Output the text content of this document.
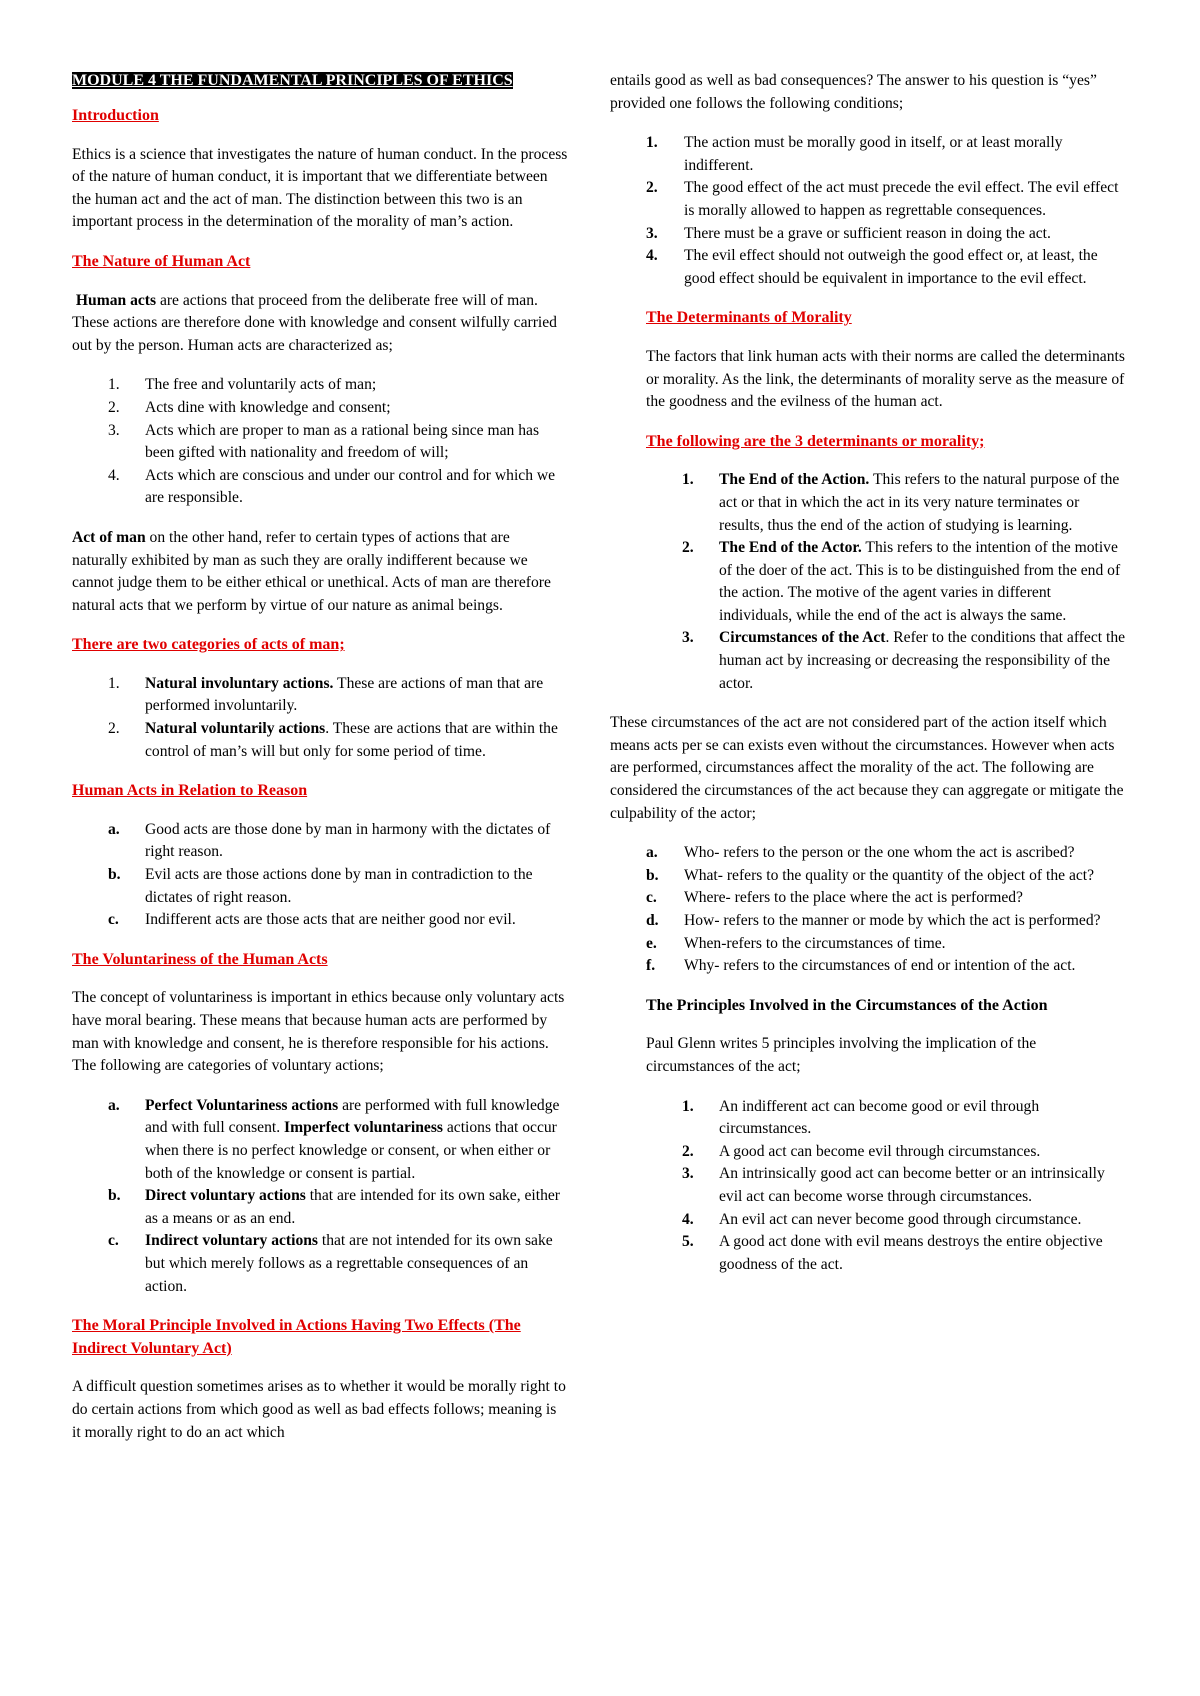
MODULE 4 THE FUNDAMENTAL PRINCIPLES OF ETHICS
Introduction

Ethics is a science that investigates the nature of human conduct. In the process of the nature of human conduct, it is important that we differentiate between the human act and the act of man. The distinction between this two is an important process in the determination of the morality of man’s action.

The Nature of Human Act

Human acts are actions that proceed from the deliberate free will of man. These actions are therefore done with knowledge and consent wilfully carried out by the person. Human acts are characterized as;

1.	The free and voluntarily acts of man;
2.	Acts dine with knowledge and consent;
3.	Acts which are proper to man as a rational being since man has been gifted with nationality and freedom of will;
4.	Acts which are conscious and under our control and for which we are responsible.

Act of man on the other hand, refer to certain types of actions that are naturally exhibited by man as such they are orally indifferent because we cannot judge them to be either ethical or unethical. Acts of man are therefore natural acts that we perform by virtue of our nature as animal beings.

There are two categories of acts of man;
1.	Natural involuntary actions. These are actions of man that are performed involuntarily.
2.	Natural voluntarily actions. These are actions that are within the control of man’s will but only for some period of time.
Human Acts in Relation to Reason
a.	Good acts are those done by man in harmony with the dictates of right reason.
b.	Evil acts are those actions done by man in contradiction to the dictates of right reason.
c.	Indifferent acts are those acts that are neither good nor evil.
The Voluntariness of the Human Acts

The concept of voluntariness is important in ethics because only voluntary acts have moral bearing. These means that because human acts are performed by man with knowledge and consent, he is therefore responsible for his actions. The following are categories of voluntary actions;

a.	Perfect Voluntariness actions are performed with full knowledge and with full consent. Imperfect voluntariness actions that occur when there is no perfect knowledge or consent, or when either or both of the knowledge or consent is partial.
b.	Direct voluntary actions that are intended for its own sake, either as a means or as an end.
c.	Indirect voluntary actions that are not intended for its own sake but which merely follows as a regrettable consequences of an action.
The Moral Principle Involved in Actions Having Two Effects (The Indirect Voluntary Act)

A difficult question sometimes arises as to whether it would be morally right to do certain actions from which good as well as bad effects follows; meaning is it morally right to do an act which

entails good as well as bad consequences? The answer to his question is “yes” provided one follows the following conditions;

1.	The action must be morally good in itself, or at least morally indifferent.
2.	The good effect of the act must precede the evil effect. The evil effect is morally allowed to happen as regrettable consequences.
3.	There must be a grave or sufficient reason in doing the act.
4.	The evil effect should not outweigh the good effect or, at least, the good effect should be equivalent in importance to the evil effect.
The Determinants of Morality

The factors that link human acts with their norms are called the determinants or morality. As the link, the determinants of morality serve as the measure of the goodness and the evilness of the human act.

The following are the 3 determinants or morality;
1.	The End of the Action. This refers to the natural purpose of the act or that in which the act in its very nature terminates or results, thus the end of the action of studying is learning.
2.	The End of the Actor. This refers to the intention of the motive of the doer of the act. This is to be distinguished from the end of the action. The motive of the agent varies in different individuals, while the end of the act is always the same.
3.	Circumstances of the Act. Refer to the conditions that affect the human act by increasing or decreasing the responsibility of the actor.

These circumstances of the act are not considered part of the action itself which means acts per se can exists even without the circumstances. However when acts are performed, circumstances affect the morality of the act. The following are considered the circumstances of the act because they can aggregate or mitigate the culpability of the actor;

a.	Who- refers to the person or the one whom the act is ascribed?
b.	What- refers to the quality or the quantity of the object of the act?
c.	Where- refers to the place where the act is performed?
d.	How- refers to the manner or mode by which the act is performed?
e.	When-refers to the circumstances of time.
f.	Why- refers to the circumstances of end or intention of the act.
The Principles Involved in the Circumstances of the Action

Paul Glenn writes 5 principles involving the implication of the circumstances of the act;

1.	An indifferent act can become good or evil through circumstances.
2.	A good act can become evil through circumstances.
3.	An intrinsically good act can become better or an intrinsically evil act can become worse through circumstances.
4.	An evil act can never become good through circumstance.
5.	A good act done with evil means destroys the entire objective goodness of the act.
